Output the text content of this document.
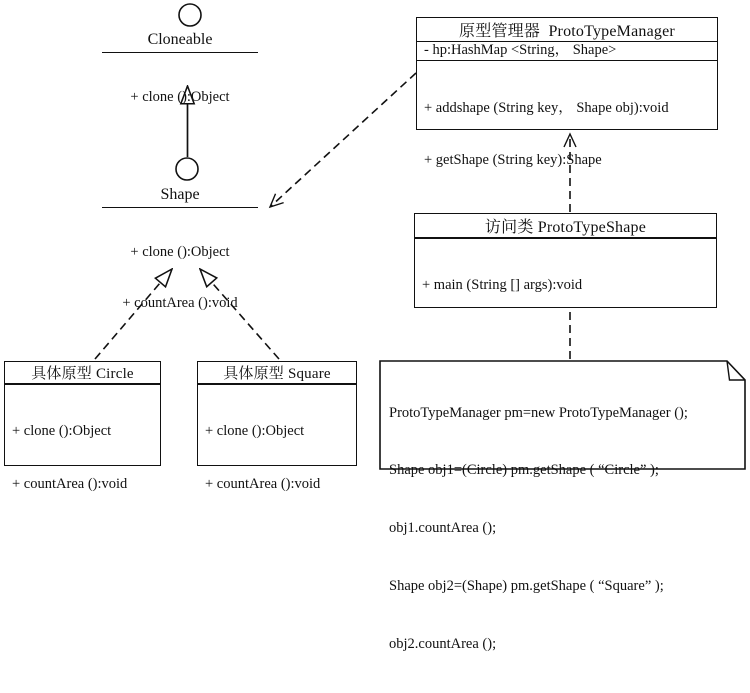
Cloneable

+ clone ():Object

Shape

+ clone ():Object

+ countArea ():void

原型管理器  ProtoTypeManager
- hp:HashMap <String， Shape>

+ addshape (String key， Shape obj):void

+ getShape (String key):Shape

访问类 ProtoTypeShape

+ main (String [] args):void

具体原型 Circle

+ clone ():Object

+ countArea ():void

具体原型 Square

+ clone ():Object

+ countArea ():void

ProtoTypeManager pm=new ProtoTypeManager ();

Shape obj1=(Circle) pm.getShape ( “Circle” );

obj1.countArea ();

Shape obj2=(Shape) pm.getShape ( “Square” );

obj2.countArea ();
